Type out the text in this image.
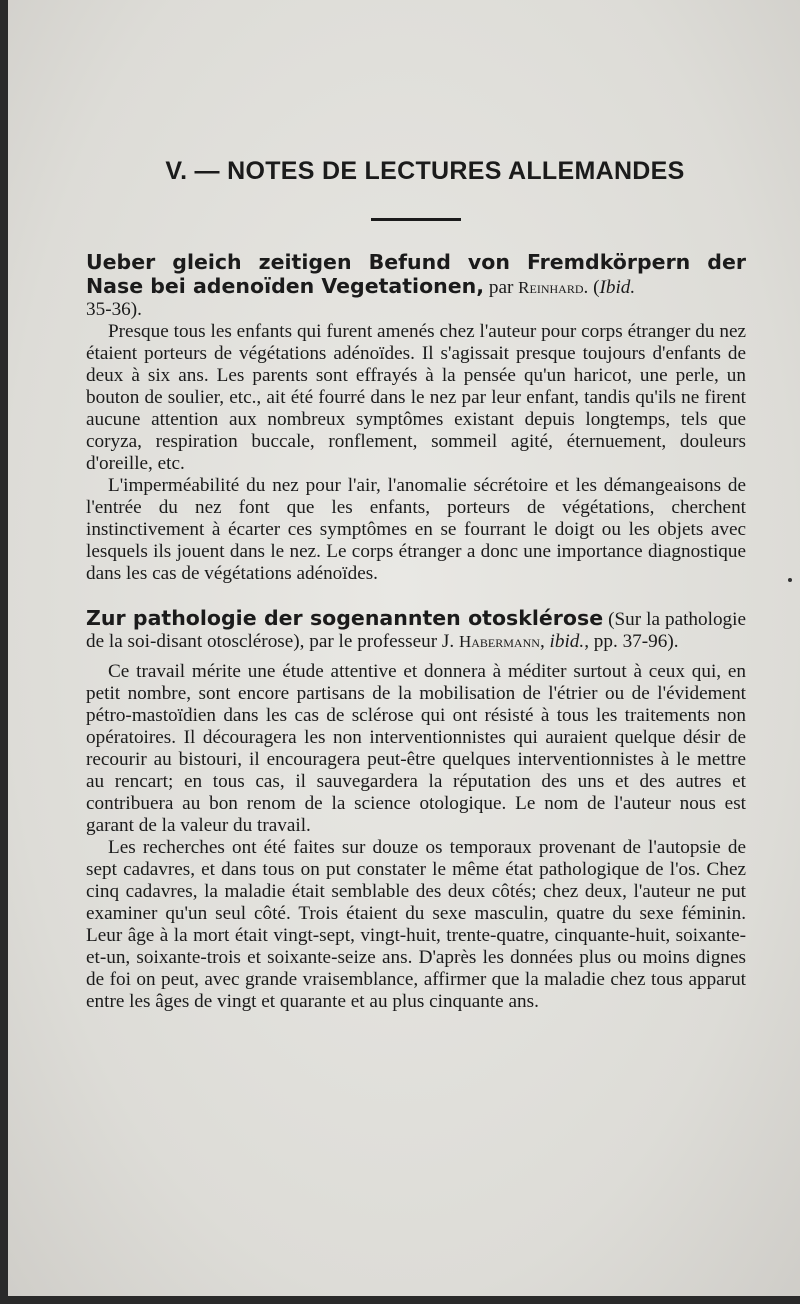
V. — NOTES DE LECTURES ALLEMANDES

Ueber gleich zeitigen Befund von Fremdkörpern der Nase bei adenoïden Vegetationen, par Reinhard. (Ibid.
35-36).

Presque tous les enfants qui furent amenés chez l'auteur pour corps étranger du nez étaient porteurs de végétations adénoïdes. Il s'agissait presque toujours d'enfants de deux à six ans. Les parents sont effrayés à la pensée qu'un haricot, une perle, un bouton de soulier, etc., ait été fourré dans le nez par leur enfant, tandis qu'ils ne firent aucune attention aux nombreux symptômes existant depuis longtemps, tels que coryza, respiration buccale, ronflement, sommeil agité, éternuement, douleurs d'oreille, etc.

L'imperméabilité du nez pour l'air, l'anomalie sécrétoire et les démangeaisons de l'entrée du nez font que les enfants, porteurs de végétations, cherchent instinctivement à écarter ces symptômes en se fourrant le doigt ou les objets avec lesquels ils jouent dans le nez. Le corps étranger a donc une importance diagnostique dans les cas de végétations adénoïdes.

Zur pathologie der sogenannten otosklérose (Sur la pathologie de la soi-disant otosclérose), par le professeur J. Habermann, ibid., pp. 37-96).

Ce travail mérite une étude attentive et donnera à méditer surtout à ceux qui, en petit nombre, sont encore partisans de la mobilisation de l'étrier ou de l'évidement pétro-mastoïdien dans les cas de sclérose qui ont résisté à tous les traitements non opératoires. Il découragera les non interventionnistes qui auraient quelque désir de recourir au bistouri, il encouragera peut-être quelques interventionnistes à le mettre au rencart; en tous cas, il sauvegardera la réputation des uns et des autres et contribuera au bon renom de la science otologique. Le nom de l'auteur nous est garant de la valeur du travail.

Les recherches ont été faites sur douze os temporaux provenant de l'autopsie de sept cadavres, et dans tous on put constater le même état pathologique de l'os. Chez cinq cadavres, la maladie était semblable des deux côtés; chez deux, l'auteur ne put examiner qu'un seul côté. Trois étaient du sexe masculin, quatre du sexe féminin. Leur âge à la mort était vingt-sept, vingt-huit, trente-quatre, cinquante-huit, soixante-et-un, soixante-trois et soixante-seize ans. D'après les données plus ou moins dignes de foi on peut, avec grande vraisemblance, affirmer que la maladie chez tous apparut entre les âges de vingt et quarante et au plus cinquante ans.
